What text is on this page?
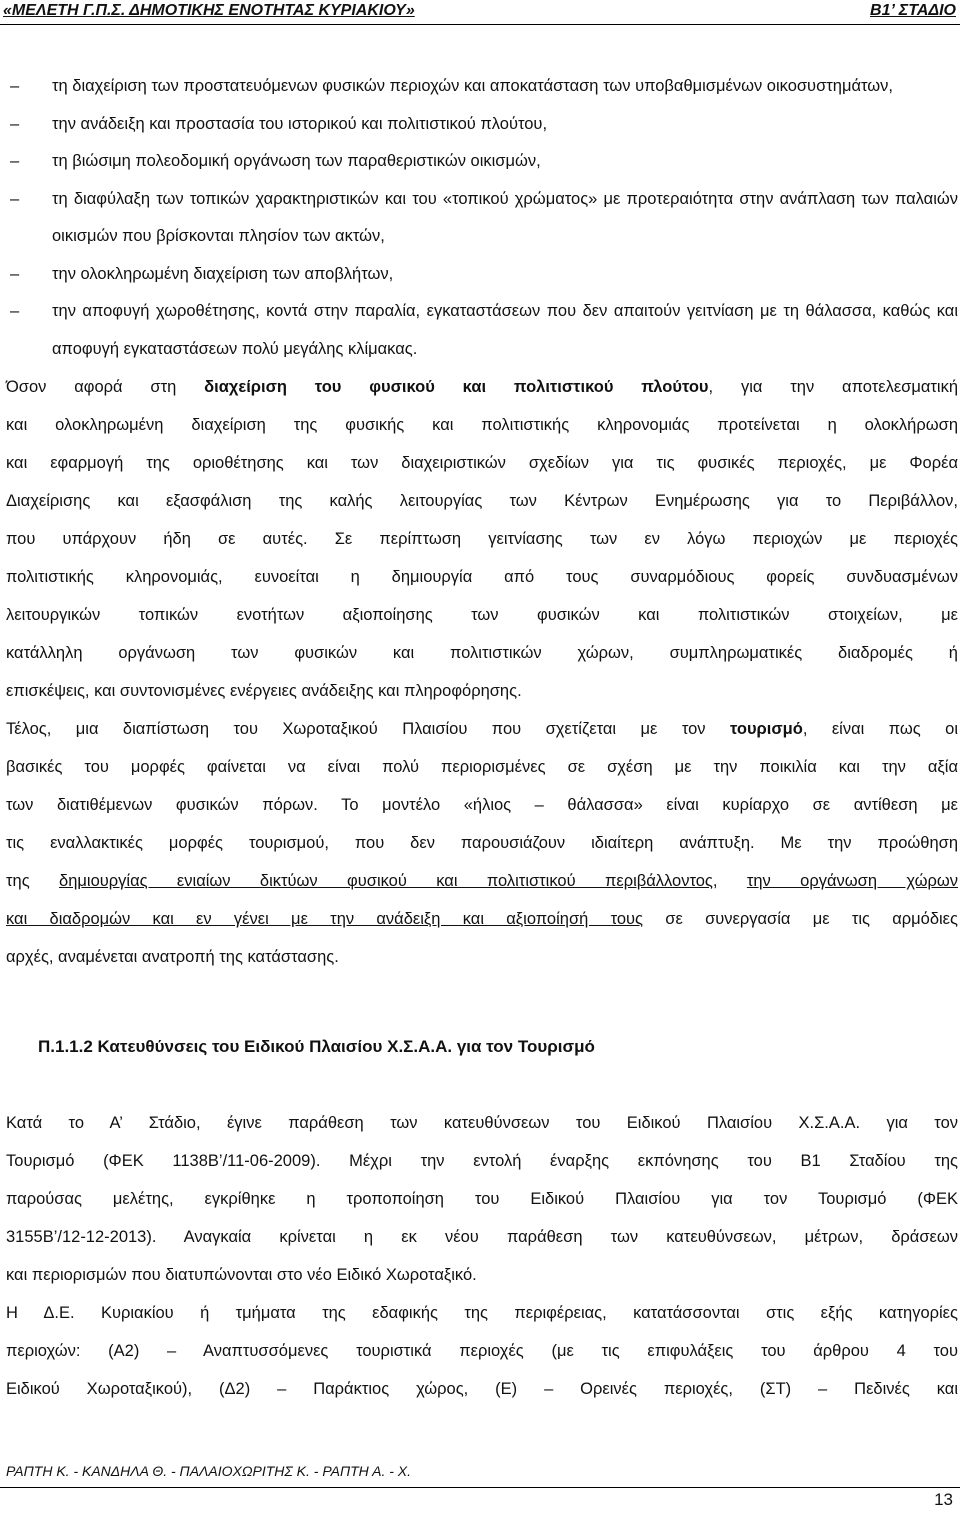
«ΜΕΛΕΤΗ Γ.Π.Σ. ΔΗΜΟΤΙΚΗΣ ΕΝΟΤΗΤΑΣ ΚΥΡΙΑΚΙΟΥ»	Β1’ ΣΤΑΔΙΟ
– τη διαχείριση των προστατευόμενων φυσικών περιοχών και αποκατάσταση των υποβαθμισμένων οικοσυστημάτων,
– την ανάδειξη και προστασία του ιστορικού και πολιτιστικού πλούτου,
– τη βιώσιμη πολεοδομική οργάνωση των παραθεριστικών οικισμών,
– τη διαφύλαξη των τοπικών χαρακτηριστικών και του «τοπικού χρώματος» με προτεραιότητα στην ανάπλαση των παλαιών οικισμών που βρίσκονται πλησίον των ακτών,
– την ολοκληρωμένη διαχείριση των αποβλήτων,
– την αποφυγή χωροθέτησης, κοντά στην παραλία, εγκαταστάσεων που δεν απαιτούν γειτνίαση με τη θάλασσα, καθώς και αποφυγή εγκαταστάσεων πολύ μεγάλης κλίμακας.
Όσον αφορά στη διαχείριση του φυσικού και πολιτιστικού πλούτου, για την αποτελεσματική
και ολοκληρωμένη διαχείριση της φυσικής και πολιτιστικής κληρονομιάς προτείνεται η ολοκλήρωση
και εφαρμογή της οριοθέτησης και των διαχειριστικών σχεδίων για τις φυσικές περιοχές, με Φορέα
Διαχείρισης και εξασφάλιση της καλής λειτουργίας των Κέντρων Ενημέρωσης για το Περιβάλλον,
που υπάρχουν ήδη σε αυτές. Σε περίπτωση γειτνίασης των εν λόγω περιοχών με περιοχές
πολιτιστικής κληρονομιάς, ευνοείται η δημιουργία από τους συναρμόδιους φορείς συνδυασμένων
λειτουργικών τοπικών ενοτήτων αξιοποίησης των φυσικών και πολιτιστικών στοιχείων, με
κατάλληλη οργάνωση των φυσικών και πολιτιστικών χώρων, συμπληρωματικές διαδρομές ή
επισκέψεις, και συντονισμένες ενέργειες ανάδειξης και πληροφόρησης.
Τέλος, μια διαπίστωση του Χωροταξικού Πλαισίου που σχετίζεται με τον τουρισμό, είναι πως οι
βασικές του μορφές φαίνεται να είναι πολύ περιορισμένες σε σχέση με την ποικιλία και την αξία
των διατιθέμενων φυσικών πόρων. Το μοντέλο «ήλιος – θάλασσα» είναι κυρίαρχο σε αντίθεση με
τις εναλλακτικές μορφές τουρισμού, που δεν παρουσιάζουν ιδιαίτερη ανάπτυξη. Με την προώθηση
της δημιουργίας ενιαίων δικτύων φυσικού και πολιτιστικού περιβάλλοντος, την οργάνωση χώρων
και διαδρομών και εν γένει με την ανάδειξη και αξιοποίησή τους σε συνεργασία με τις αρμόδιες
αρχές, αναμένεται ανατροπή της κατάστασης.
Π.1.1.2 Κατευθύνσεις του Ειδικού Πλαισίου Χ.Σ.Α.Α. για τον Τουρισμό
Κατά το Α’ Στάδιο, έγινε παράθεση των κατευθύνσεων του Ειδικού Πλαισίου Χ.Σ.Α.Α. για τον
Τουρισμό (ΦΕΚ 1138Β’/11-06-2009). Μέχρι την εντολή έναρξης εκπόνησης του Β1 Σταδίου της
παρούσας μελέτης, εγκρίθηκε η τροποποίηση του Ειδικού Πλαισίου για τον Τουρισμό (ΦΕΚ
3155Β’/12-12-2013). Αναγκαία κρίνεται η εκ νέου παράθεση των κατευθύνσεων, μέτρων, δράσεων
και περιορισμών που διατυπώνονται στο νέο Ειδικό Χωροταξικό.
Η Δ.Ε. Κυριακίου ή τμήματα της εδαφικής της περιφέρειας, κατατάσσονται στις εξής κατηγορίες
περιοχών: (Α2) – Αναπτυσσόμενες τουριστικά περιοχές (με τις επιφυλάξεις του άρθρου 4 του
Ειδικού Χωροταξικού), (Δ2) – Παράκτιος χώρος, (Ε) – Ορεινές περιοχές, (ΣΤ) – Πεδινές και
ΡΑΠΤΗ Κ. - ΚΑΝΔΗΛΑ Θ. - ΠΑΛΑΙΟΧΩΡΙΤΗΣ Κ. - ΡΑΠΤΗ Α. - Χ.
13
